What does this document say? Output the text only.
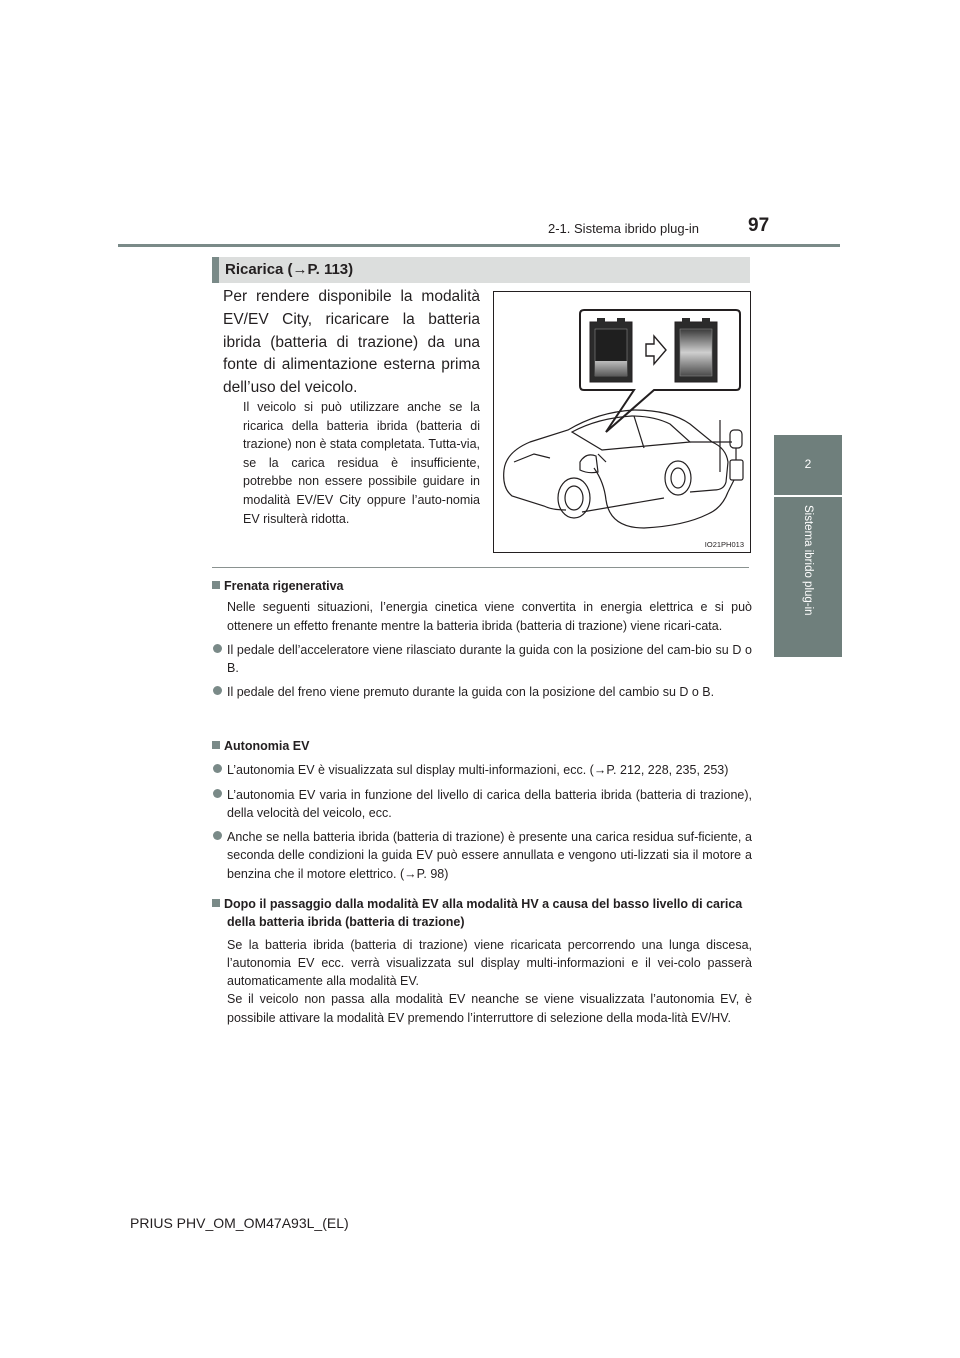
2-1. Sistema ibrido plug-in	97
2
Sistema ibrido plug-in
Ricarica (→P. 113)
Per rendere disponibile la modalità EV/EV City, ricaricare la batteria ibrida (batteria di trazione) da una fonte di alimentazione esterna prima dell’uso del veicolo.
Il veicolo si può utilizzare anche se la ricarica della batteria ibrida (batteria di trazione) non è stata completata. Tutta-via, se la carica residua è insufficiente, potrebbe non essere possibile guidare in modalità EV/EV City oppure l’auto-nomia EV risulterà ridotta.
IO21PH013
Frenata rigenerativa
Nelle seguenti situazioni, l’energia cinetica viene convertita in energia elettrica e si può ottenere un effetto frenante mentre la batteria ibrida (batteria di trazione) viene ricari-cata.
Il pedale dell’acceleratore viene rilasciato durante la guida con la posizione del cam-bio su D o B.
Il pedale del freno viene premuto durante la guida con la posizione del cambio su D o B.
Autonomia EV
L’autonomia EV è visualizzata sul display multi-informazioni, ecc. (→P. 212, 228, 235, 253)
L’autonomia EV varia in funzione del livello di carica della batteria ibrida (batteria di trazione), della velocità del veicolo, ecc.
Anche se nella batteria ibrida (batteria di trazione) è presente una carica residua suf-ficiente, a seconda delle condizioni la guida EV può essere annullata e vengono uti-lizzati sia il motore a benzina che il motore elettrico. (→P. 98)
Dopo il passaggio dalla modalità EV alla modalità HV a causa del basso livello di carica della batteria ibrida (batteria di trazione)
Se la batteria ibrida (batteria di trazione) viene ricaricata percorrendo una lunga discesa, l’autonomia EV ecc. verrà visualizzata sul display multi-informazioni e il vei-colo passerà automaticamente alla modalità EV.
Se il veicolo non passa alla modalità EV neanche se viene visualizzata l’autonomia EV, è possibile attivare la modalità EV premendo l’interruttore di selezione della moda-lità EV/HV.
PRIUS PHV_OM_OM47A93L_(EL)
